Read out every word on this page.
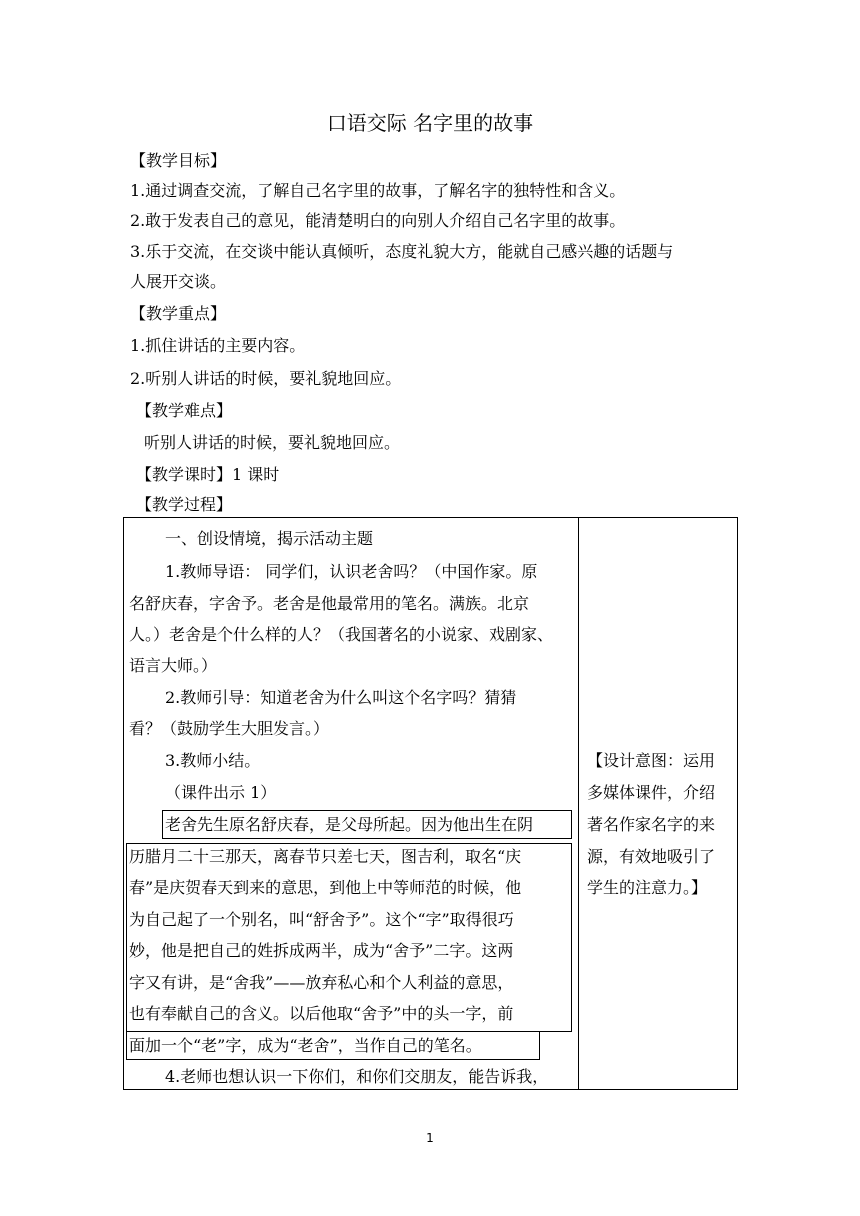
口语交际 名字里的故事
【教学目标】
1.通过调查交流，了解自己名字里的故事，了解名字的独特性和含义。
2.敢于发表自己的意见，能清楚明白的向别人介绍自己名字里的故事。
3.乐于交流，在交谈中能认真倾听，态度礼貌大方，能就自己感兴趣的话题与
人展开交谈。
【教学重点】
1.抓住讲话的主要内容。
2.听别人讲话的时候，要礼貌地回应。
【教学难点】
听别人讲话的时候，要礼貌地回应。
【教学课时】1 课时
【教学过程】
一、创设情境，揭示活动主题
1.教师导语： 同学们，认识老舍吗？（中国作家。原
名舒庆春，字舍予。老舍是他最常用的笔名。满族。北京
人。）老舍是个什么样的人？（我国著名的小说家、戏剧家、
语言大师。）
2.教师引导：知道老舍为什么叫这个名字吗？猜猜
看？（鼓励学生大胆发言。）
3.教师小结。
（课件出示 1）
老舍先生原名舒庆春，是父母所起。因为他出生在阴
历腊月二十三那天，离春节只差七天，图吉利，取名“庆
春”是庆贺春天到来的意思，到他上中等师范的时候，他
为自己起了一个别名，叫“舒舍予”。这个“字”取得很巧
妙，他是把自己的姓拆成两半，成为“舍予”二字。这两
字又有讲，是“舍我”——放弃私心和个人利益的意思，
也有奉献自己的含义。以后他取“舍予”中的头一字，前
面加一个“老”字，成为“老舍”，当作自己的笔名。
4.老师也想认识一下你们，和你们交朋友，能告诉我，
【设计意图：运用
多媒体课件，介绍
著名作家名字的来
源，有效地吸引了
学生的注意力。】
1
